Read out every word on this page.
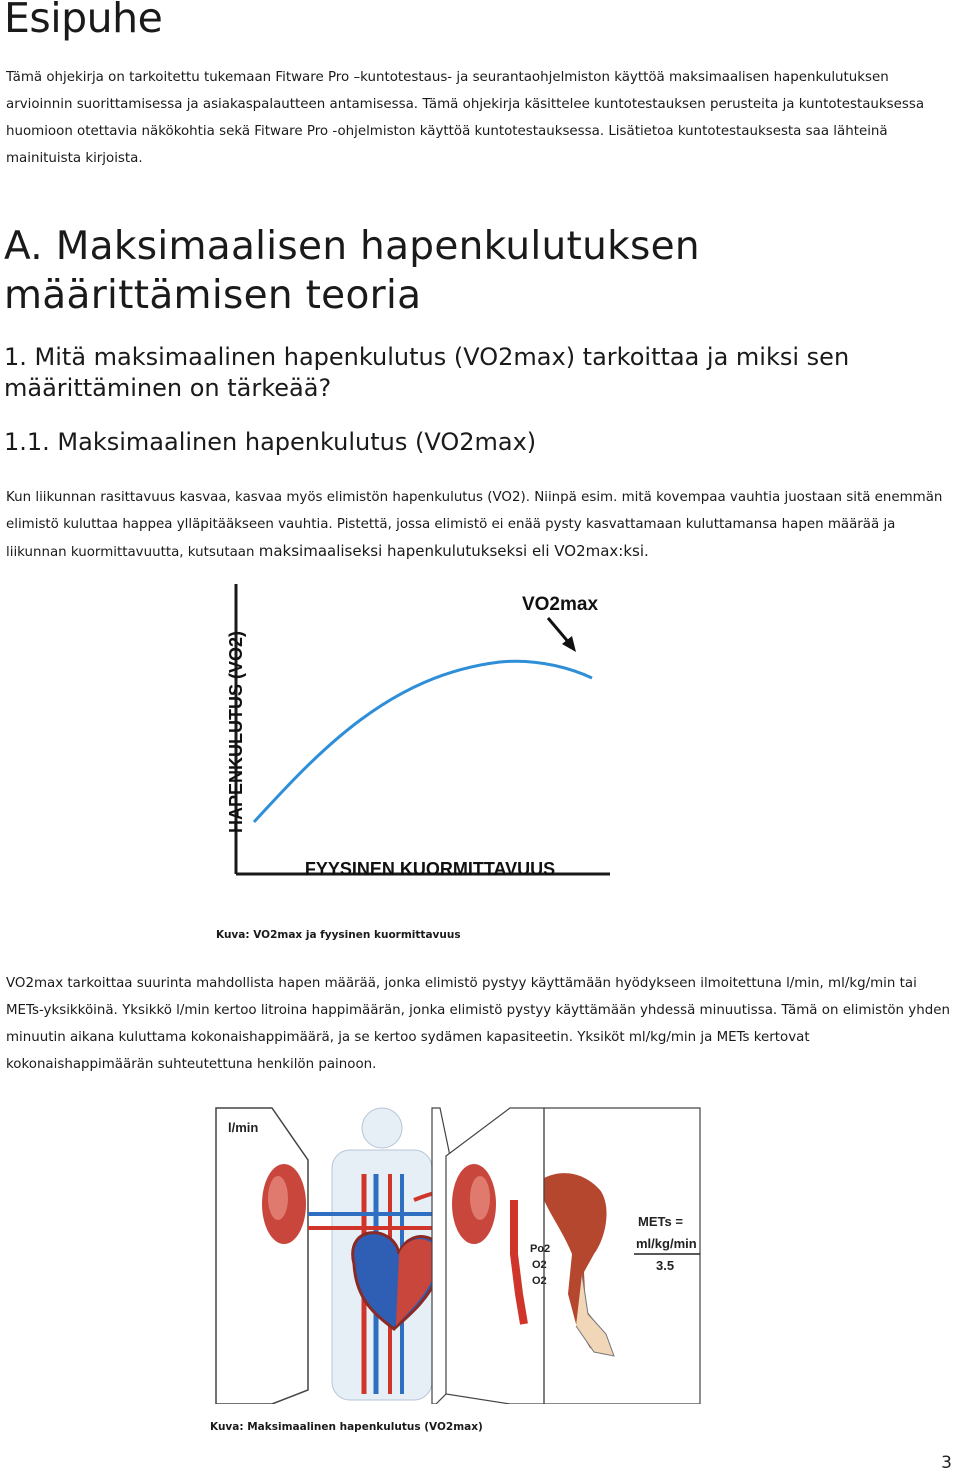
Esipuhe

Tämä ohjekirja on tarkoitettu tukemaan Fitware Pro –kuntotestaus- ja seurantaohjelmiston käyttöä maksimaalisen hapenkulutuksen arvioinnin suorittamisessa ja asiakaspalautteen antamisessa. Tämä ohjekirja käsittelee kuntotestauksen perusteita ja kuntotestauksessa huomioon otettavia näkökohtia sekä Fitware Pro -ohjelmiston käyttöä kuntotestauksessa. Lisätietoa kuntotestauksesta saa lähteinä mainituista kirjoista.

A. Maksimaalisen hapenkulutuksen määrittämisen teoria
1. Mitä maksimaalinen hapenkulutus (VO2max) tarkoittaa ja miksi sen määrittäminen on tärkeää?
1.1. Maksimaalinen hapenkulutus (VO2max)

Kun liikunnan rasittavuus kasvaa, kasvaa myös elimistön hapenkulutus (VO2). Niinpä esim. mitä kovempaa vauhtia juostaan sitä enemmän elimistö kuluttaa happea ylläpitääkseen vauhtia. Pistettä, jossa elimistö ei enää pysty kasvattamaan kuluttamansa hapen määrää ja liikunnan kuormittavuutta, kutsutaan maksimaaliseksi hapenkulutukseksi eli VO2max:ksi.

HAPENKULUTUS (VO2)
FYYSINEN KUORMITTAVUUS
VO2max
Kuva: VO2max ja fyysinen kuormittavuus

VO2max tarkoittaa suurinta mahdollista hapen määrää, jonka elimistö pystyy käyttämään hyödykseen ilmoitettuna l/min, ml/kg/min tai METs-yksikköinä. Yksikkö l/min kertoo litroina happimäärän, jonka elimistö pystyy käyttämään yhdessä minuutissa. Tämä on elimistön yhden minuutin aikana kuluttama kokonaishappimäärä, ja se kertoo sydämen kapasiteetin. Yksiköt ml/kg/min ja METs kertovat kokonaishappimäärän suhteutettuna henkilön painoon.

l/min
Po2
O2
O2
METs =
ml/kg/min
3.5
Kuva: Maksimaalinen hapenkulutus (VO2max)
3
